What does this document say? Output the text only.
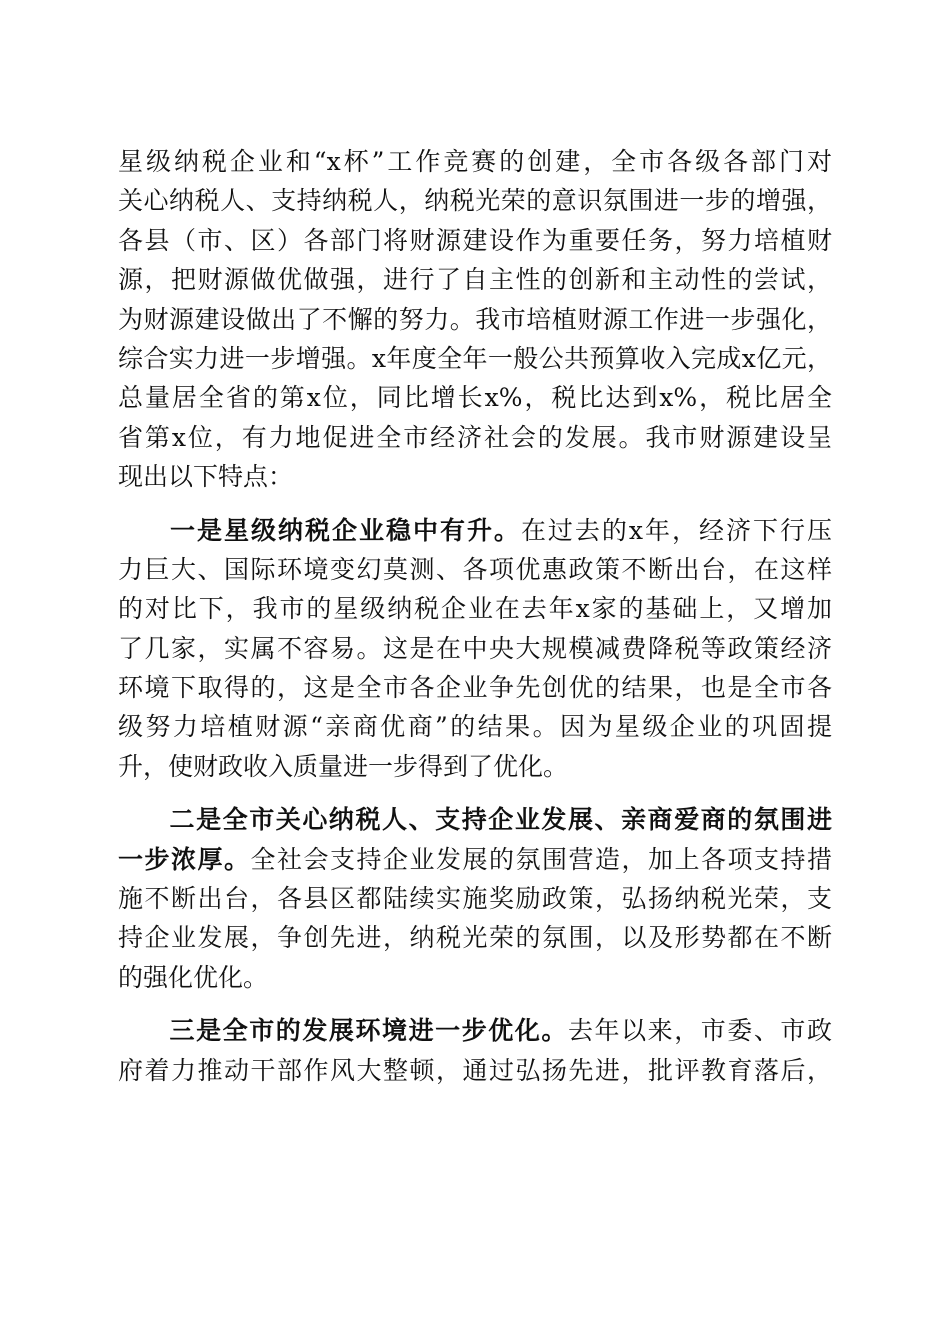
星级纳税企业和“x杯”工作竞赛的创建，全市各级各部门对
关心纳税人、支持纳税人，纳税光荣的意识氛围进一步的增强，
各县（市、区）各部门将财源建设作为重要任务，努力培植财
源，把财源做优做强，进行了自主性的创新和主动性的尝试，
为财源建设做出了不懈的努力。我市培植财源工作进一步强化，
综合实力进一步增强。x年度全年一般公共预算收入完成x亿元，
总量居全省的第x位，同比增长x%，税比达到x%，税比居全
省第x位，有力地促进全市经济社会的发展。我市财源建设呈
现出以下特点：
一是星级纳税企业稳中有升。在过去的x年，经济下行压
力巨大、国际环境变幻莫测、各项优惠政策不断出台，在这样
的对比下，我市的星级纳税企业在去年x家的基础上，又增加
了几家，实属不容易。这是在中央大规模减费降税等政策经济
环境下取得的，这是全市各企业争先创优的结果，也是全市各
级努力培植财源“亲商优商”的结果。因为星级企业的巩固提
升，使财政收入质量进一步得到了优化。
二是全市关心纳税人、支持企业发展、亲商爱商的氛围进
一步浓厚。全社会支持企业发展的氛围营造，加上各项支持措
施不断出台，各县区都陆续实施奖励政策，弘扬纳税光荣，支
持企业发展，争创先进，纳税光荣的氛围，以及形势都在不断
的强化优化。
三是全市的发展环境进一步优化。去年以来，市委、市政
府着力推动干部作风大整顿，通过弘扬先进，批评教育落后，
